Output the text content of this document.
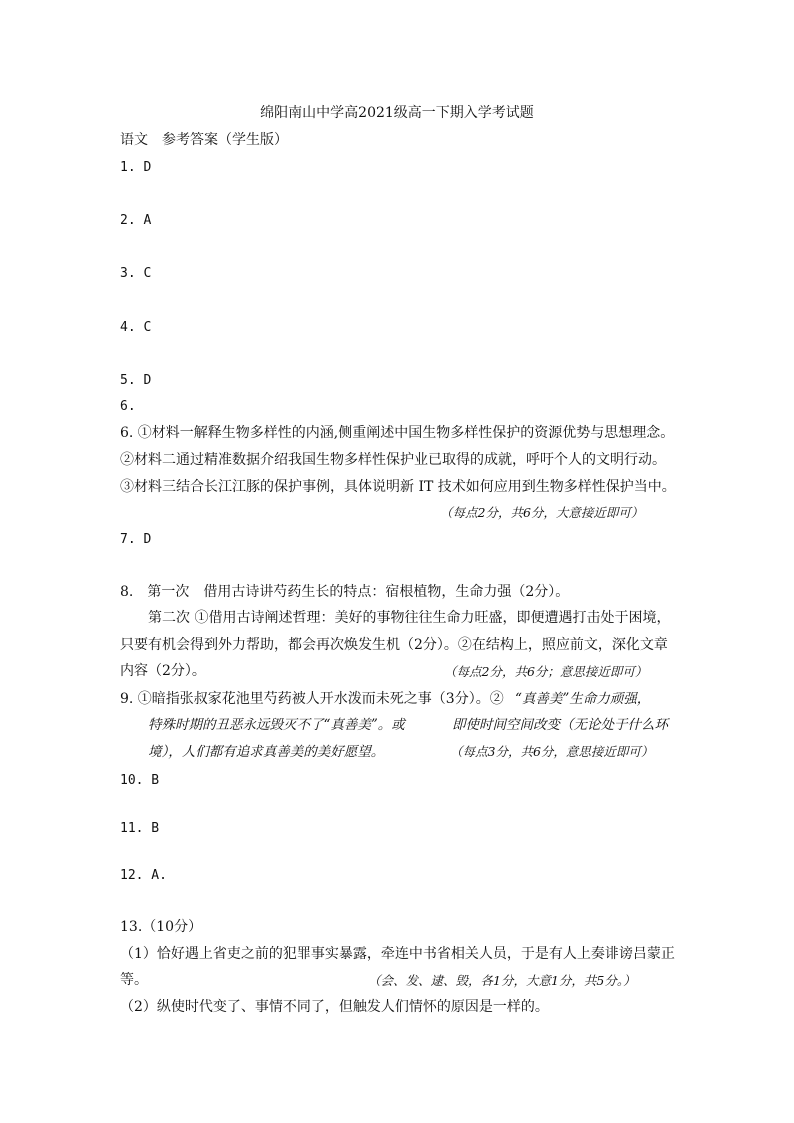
绵阳南山中学高2021级高一下期入学考试题
语文　参考答案（学生版）
1. D
2. A
3. C
4. C
5. D
6.
6. ①材料一解释生物多样性的内涵,侧重阐述中国生物多样性保护的资源优势与思想理念。
②材料二通过精准数据介绍我国生物多样性保护业已取得的成就，呼吁个人的文明行动。
③材料三结合长江江豚的保护事例，具体说明新 IT 技术如何应用到生物多样性保护当中。
（每点2分，共6分，大意接近即可）
7. D
8.　第一次　借用古诗讲芍药生长的特点：宿根植物，生命力强（2分）。
第二次 ①借用古诗阐述哲理：美好的事物往往生命力旺盛，即便遭遇打击处于困境，
只要有机会得到外力帮助，都会再次焕发生机（2分）。②在结构上，照应前文，深化文章
内容（2分）。	（每点2分，共6分；意思接近即可）
9. ①暗指张叔家花池里芍药被人开水泼而未死之事（3分）。② “真善美”生命力顽强，
特殊时期的丑恶永远毁灭不了“真善美”。或	即使时间空间改变（无论处于什么环
境），人们都有追求真善美的美好愿望。	（每点3分，共6分，意思接近即可）
10. B
11. B
12. A.
13.（10分）
（1）恰好遇上省吏之前的犯罪事实暴露，牵连中书省相关人员，于是有人上奏诽谤吕蒙正
等。	（会、发、逮、毁，各1分，大意1分，共5分。）
（2）纵使时代变了、事情不同了，但触发人们情怀的原因是一样的。
